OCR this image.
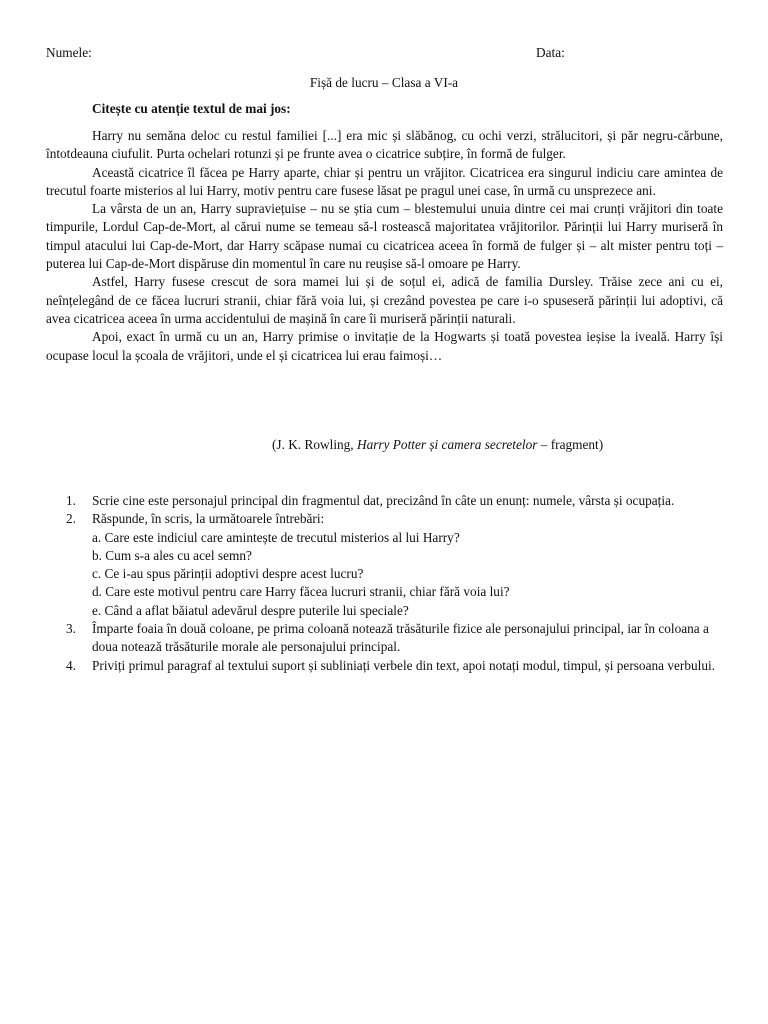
Numele:	Data:
Fișă de lucru – Clasa a VI-a
Citește cu atenție textul de mai jos:

Harry nu semăna deloc cu restul familiei [...] era mic și slăbănog, cu ochi verzi, strălucitori, și păr negru-cărbune, întotdeauna ciufulit. Purta ochelari rotunzi și pe frunte avea o cicatrice subțire, în formă de fulger.

Această cicatrice îl făcea pe Harry aparte, chiar și pentru un vrăjitor. Cicatricea era singurul indiciu care amintea de trecutul foarte misterios al lui Harry, motiv pentru care fusese lăsat pe pragul unei case, în urmă cu unsprezece ani.

La vârsta de un an, Harry supraviețuise – nu se știa cum – blestemului unuia dintre cei mai crunți vrăjitori din toate timpurile, Lordul Cap-de-Mort, al cărui nume se temeau să-l rostească majoritatea vrăjitorilor. Părinții lui Harry muriseră în timpul atacului lui Cap-de-Mort, dar Harry scăpase numai cu cicatricea aceea în formă de fulger și – alt mister pentru toți – puterea lui Cap-de-Mort dispăruse din momentul în care nu reușise să-l omoare pe Harry.

Astfel, Harry fusese crescut de sora mamei lui și de soțul ei, adică de familia Dursley. Trăise zece ani cu ei, neînțelegând de ce făcea lucruri stranii, chiar fără voia lui, și crezând povestea pe care i-o spuseseră părinții lui adoptivi, că avea cicatricea aceea în urma accidentului de mașină în care îi muriseră părinții naturali.

Apoi, exact în urmă cu un an, Harry primise o invitație de la Hogwarts și toată povestea ieșise la iveală. Harry își ocupase locul la școala de vrăjitori, unde el și cicatricea lui erau faimoși…

(J. K. Rowling, Harry Potter și camera secretelor – fragment)
1. Scrie cine este personajul principal din fragmentul dat, precizând în câte un enunț: numele, vârsta și ocupația.
2. Răspunde, în scris, la următoarele întrebări:
a. Care este indiciul care amintește de trecutul misterios al lui Harry?
b. Cum s-a ales cu acel semn?
c. Ce i-au spus părinții adoptivi despre acest lucru?
d. Care este motivul pentru care Harry făcea lucruri stranii, chiar fără voia lui?
e. Când a aflat băiatul adevărul despre puterile lui speciale?
3. Împarte foaia în două coloane, pe prima coloană notează trăsăturile fizice ale personajului principal, iar în coloana a doua notează trăsăturile morale ale personajului principal.
4. Priviți primul paragraf al textului suport și subliniați verbele din text, apoi notați modul, timpul, și persoana verbului.
